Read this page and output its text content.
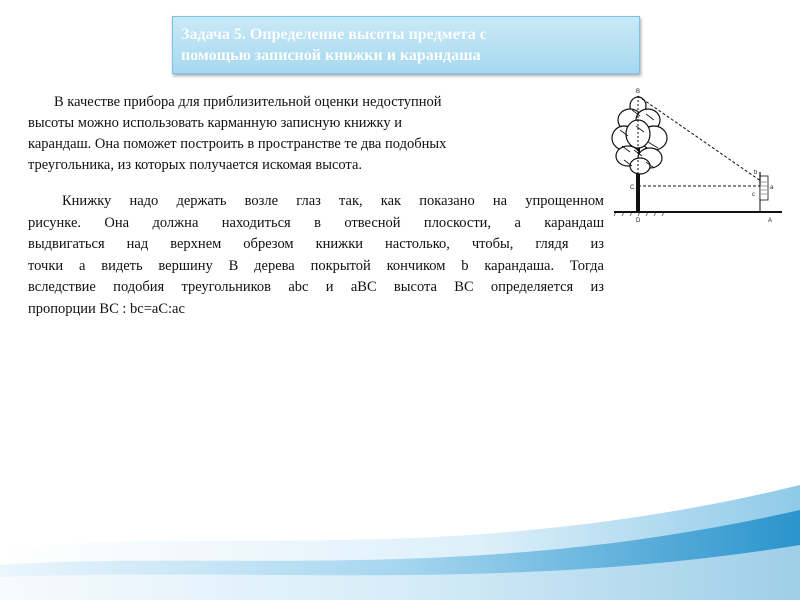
Задача 5. Определение высоты предмета с
помощью записной книжки и карандаша
В качестве прибора для приблизительной оценки недоступной
высоты можно использовать карманную записную книжку и
карандаш. Она поможет построить в пространстве те два подобных
треугольника, из которых получается искомая высота.
Книжку надо держать возле глаз так, как показано на упрощенном
рисунке. Она должна находиться в отвесной плоскости, а карандаш
выдвигаться над верхнем обрезом книжки настолько, чтобы, глядя из
точки а видеть вершину В дерева покрытой кончиком b карандаша. Тогда
вследствие подобия треугольников abc и aBC высота ВС определяется из
пропорции ВС : bc=aC:ac
B
C
D	A
b
c
a
